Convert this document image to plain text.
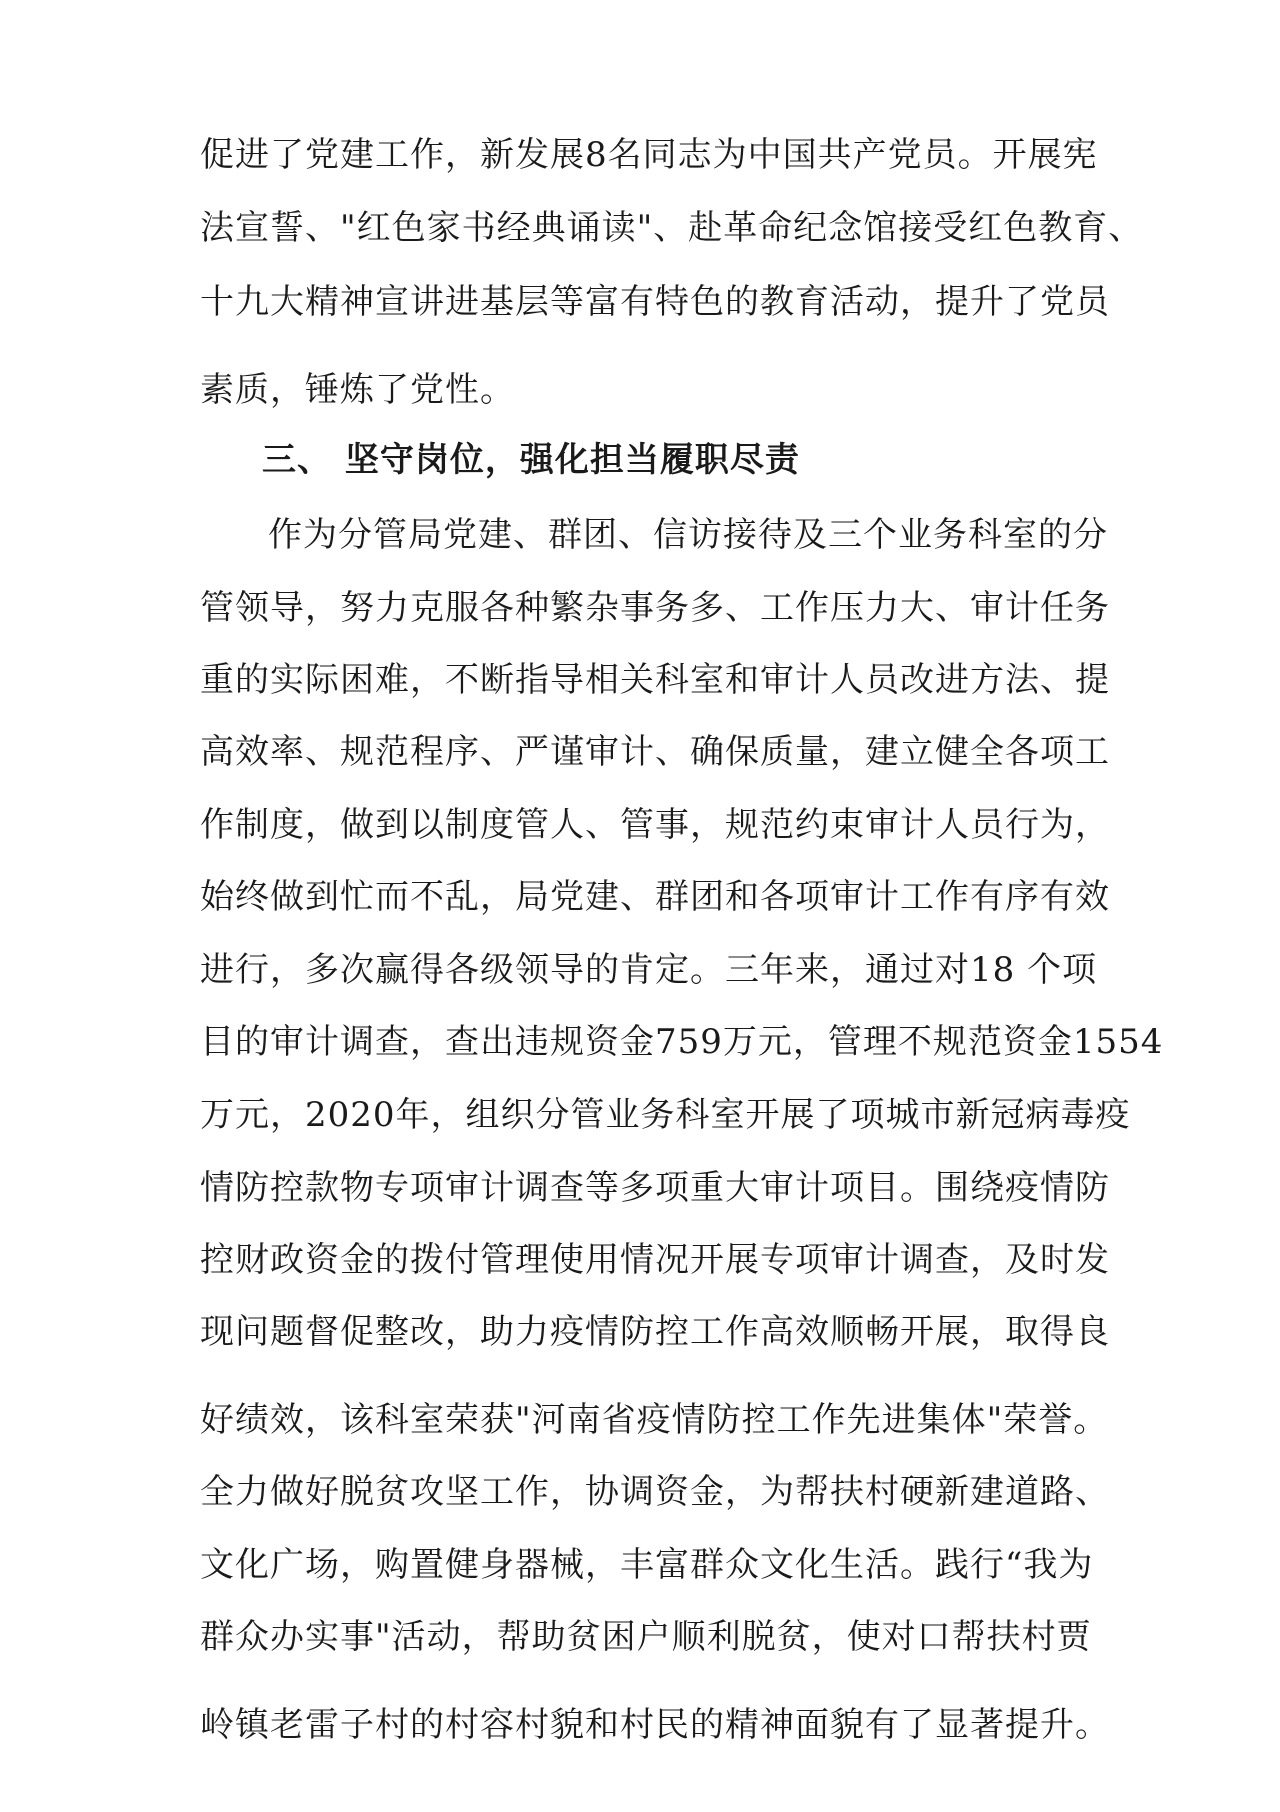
促进了党建工作，新发展8名同志为中国共产党员。开展宪
法宣誓、"红色家书经典诵读"、赴革命纪念馆接受红色教育、
十九大精神宣讲进基层等富有特色的教育活动，提升了党员
素质，锤炼了党性。
三、 坚守岗位，强化担当履职尽责
作为分管局党建、群团、信访接待及三个业务科室的分
管领导，努力克服各种繁杂事务多、工作压力大、审计任务
重的实际困难，不断指导相关科室和审计人员改进方法、提
高效率、规范程序、严谨审计、确保质量，建立健全各项工
作制度，做到以制度管人、管事，规范约束审计人员行为，
始终做到忙而不乱，局党建、群团和各项审计工作有序有效
进行，多次赢得各级领导的肯定。三年来，通过对18 个项
目的审计调查，查出违规资金759万元，管理不规范资金1554
万元，2020年，组织分管业务科室开展了项城市新冠病毒疫
情防控款物专项审计调查等多项重大审计项目。围绕疫情防
控财政资金的拨付管理使用情况开展专项审计调查，及时发
现问题督促整改，助力疫情防控工作高效顺畅开展，取得良
好绩效，该科室荣获"河南省疫情防控工作先进集体"荣誉。
全力做好脱贫攻坚工作，协调资金，为帮扶村硬新建道路、
文化广场，购置健身器械，丰富群众文化生活。践行“我为
群众办实事"活动，帮助贫困户顺利脱贫，使对口帮扶村贾
岭镇老雷子村的村容村貌和村民的精神面貌有了显著提升。
